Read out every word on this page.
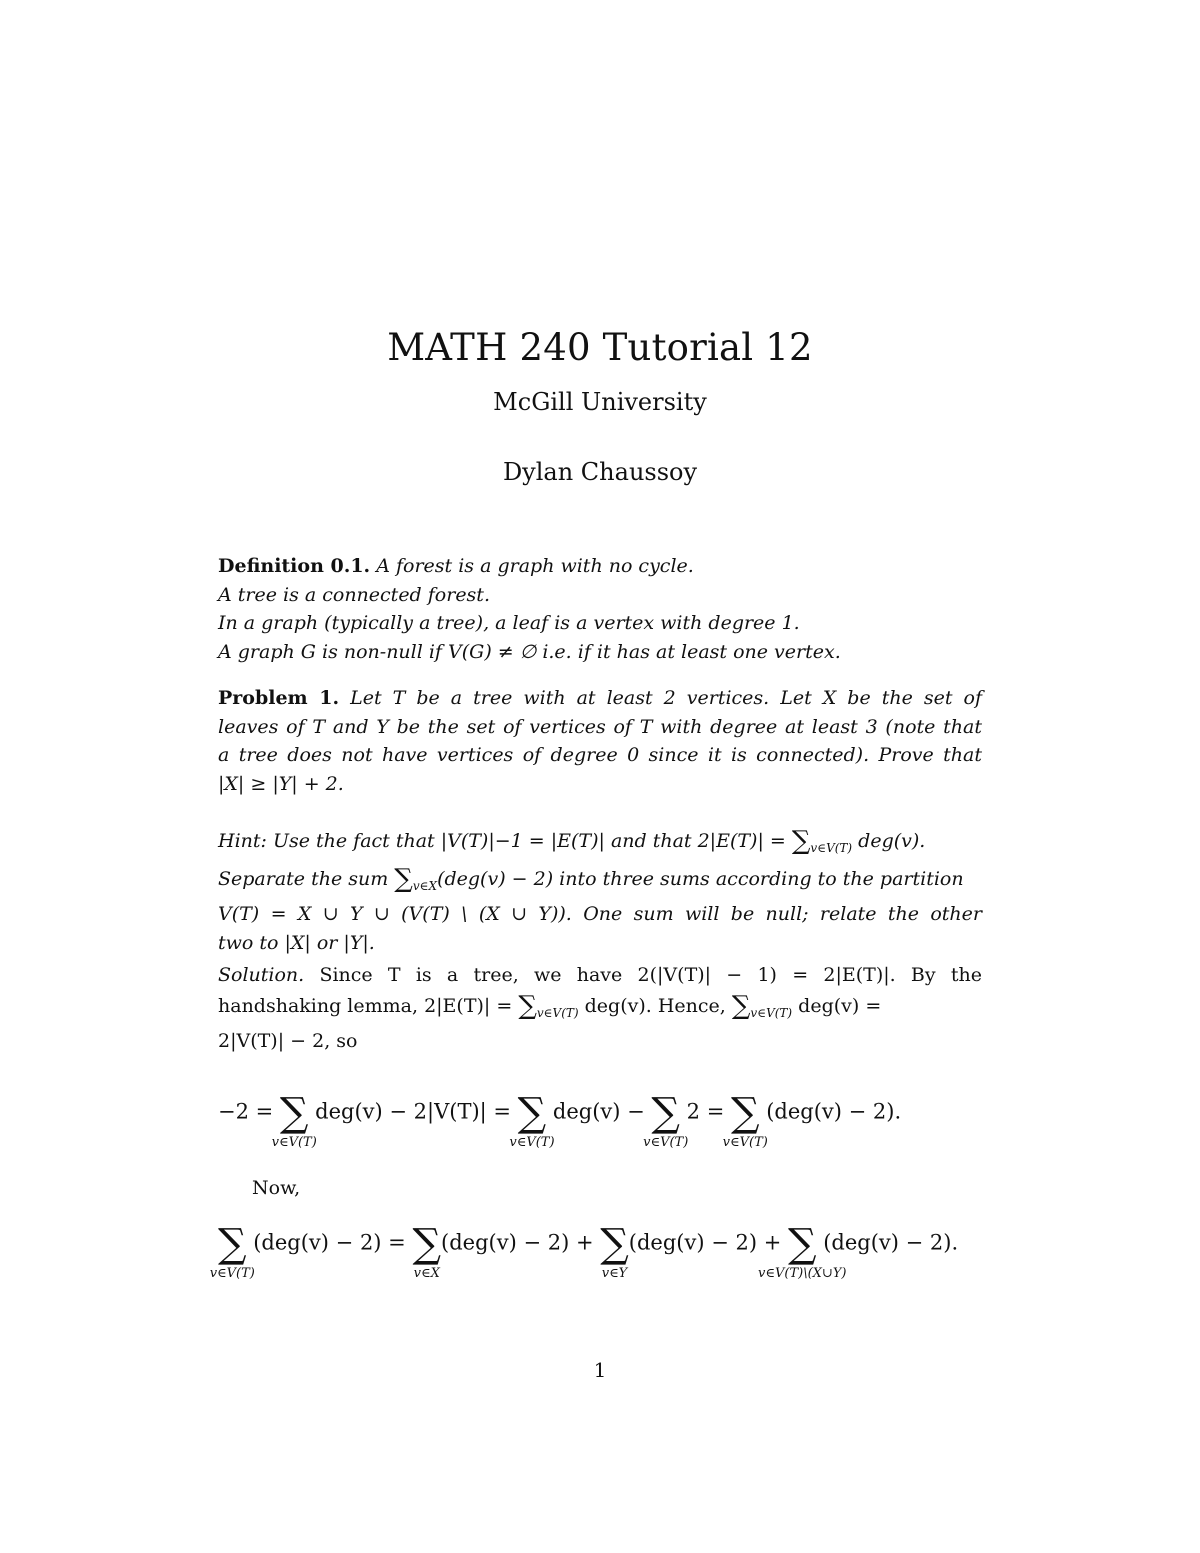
MATH 240 Tutorial 12
McGill University
Dylan Chaussoy
Definition 0.1. A forest is a graph with no cycle.
A tree is a connected forest.
In a graph (typically a tree), a leaf is a vertex with degree 1.
A graph G is non-null if V(G) ≠ ∅ i.e. if it has at least one vertex.
Problem 1. Let T be a tree with at least 2 vertices. Let X be the set of
leaves of T and Y be the set of vertices of T with degree at least 3 (note that
a tree does not have vertices of degree 0 since it is connected). Prove that
|X| ≥ |Y| + 2.
Hint: Use the fact that |V(T)|−1 = |E(T)| and that $2|E(T)| = \sum_{v\in V(T)}$ deg(v).
Separate the sum $\sum_{v\in X}(deg(v) - 2)$ into three sums according to the partition
V(T) = X ∪ Y ∪ (V(T) \ (X ∪ Y)). One sum will be null; relate the other
two to |X| or |Y|.
Solution. Since T is a tree, we have 2(|V(T)| − 1) = 2|E(T)|. By the
handshaking lemma, $2|E(T)| = \sum_{v\in V(T)}$ deg(v). Hence, $\sum_{v\in V(T)}$ deg(v) =
2|V(T)| − 2, so
−2 = ∑
v∈V(T)
deg(v) − 2|V(T)| = ∑
v∈V(T)
deg(v) − ∑
v∈V(T)
2 = ∑
v∈V(T)
(deg(v) − 2).
Now,
∑
v∈V(T)
(deg(v) − 2) = ∑
v∈X
(deg(v) − 2) + ∑
v∈Y
(deg(v) − 2) + ∑
v∈V(T)\(X∪Y)
(deg(v) − 2).
1
